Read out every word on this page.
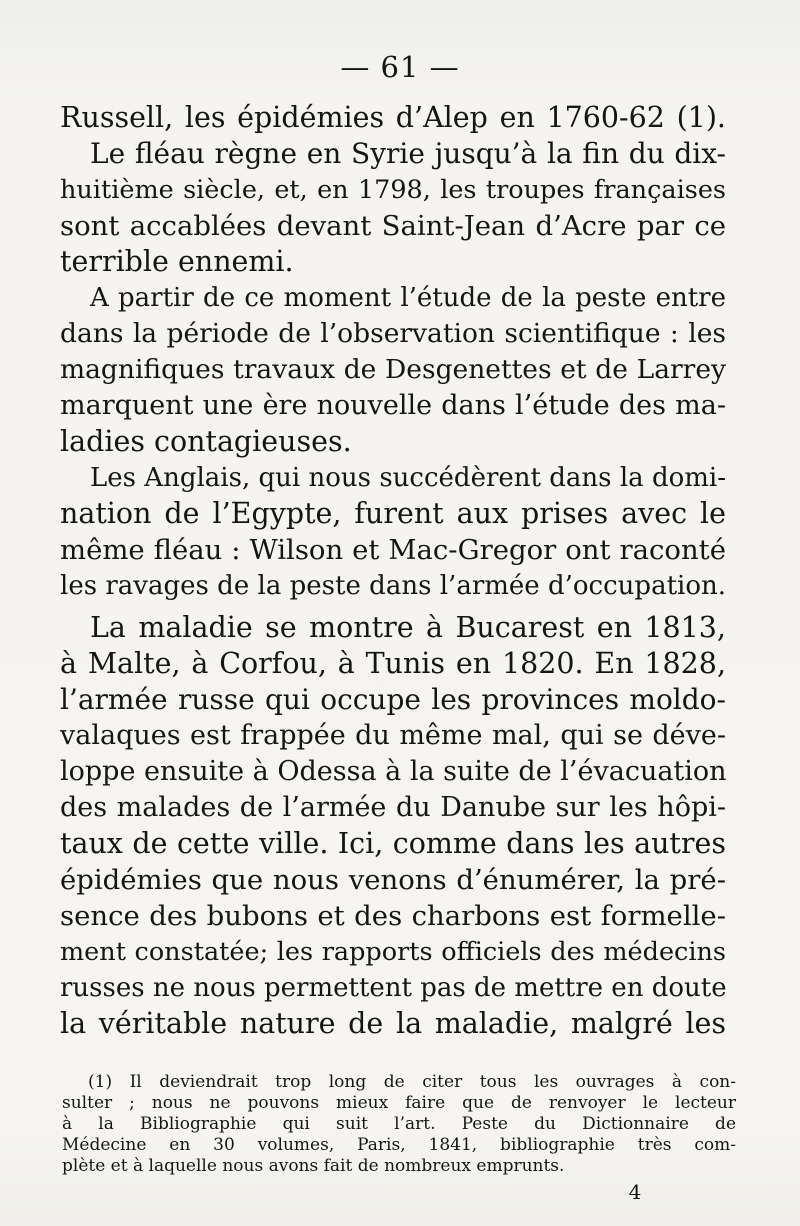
— 61 —
Russell, les épidémies d’Alep en 1760-62 (1).
Le fléau règne en Syrie jusqu’à la fin du dix-
huitième siècle, et, en 1798, les troupes françaises
sont accablées devant Saint-Jean d’Acre par ce
terrible ennemi.
A partir de ce moment l’étude de la peste entre
dans la période de l’observation scientifique : les
magnifiques travaux de Desgenettes et de Larrey
marquent une ère nouvelle dans l’étude des ma-
ladies contagieuses.
Les Anglais, qui nous succédèrent dans la domi-
nation de l’Egypte, furent aux prises avec le
même fléau : Wilson et Mac-Gregor ont raconté
les ravages de la peste dans l’armée d’occupation.
La maladie se montre à Bucarest en 1813,
à Malte, à Corfou, à Tunis en 1820. En 1828,
l’armée russe qui occupe les provinces moldo-
valaques est frappée du même mal, qui se déve-
loppe ensuite à Odessa à la suite de l’évacuation
des malades de l’armée du Danube sur les hôpi-
taux de cette ville. Ici, comme dans les autres
épidémies que nous venons d’énumérer, la pré-
sence des bubons et des charbons est formelle-
ment constatée; les rapports officiels des médecins
russes ne nous permettent pas de mettre en doute
la véritable nature de la maladie, malgré les
(1) Il deviendrait trop long de citer tous les ouvrages à con-
sulter ; nous ne pouvons mieux faire que de renvoyer le lecteur
à la Bibliographie qui suit l’art. Peste du Dictionnaire de
Médecine en 30 volumes, Paris, 1841, bibliographie très com-
plète et à laquelle nous avons fait de nombreux emprunts.
4
